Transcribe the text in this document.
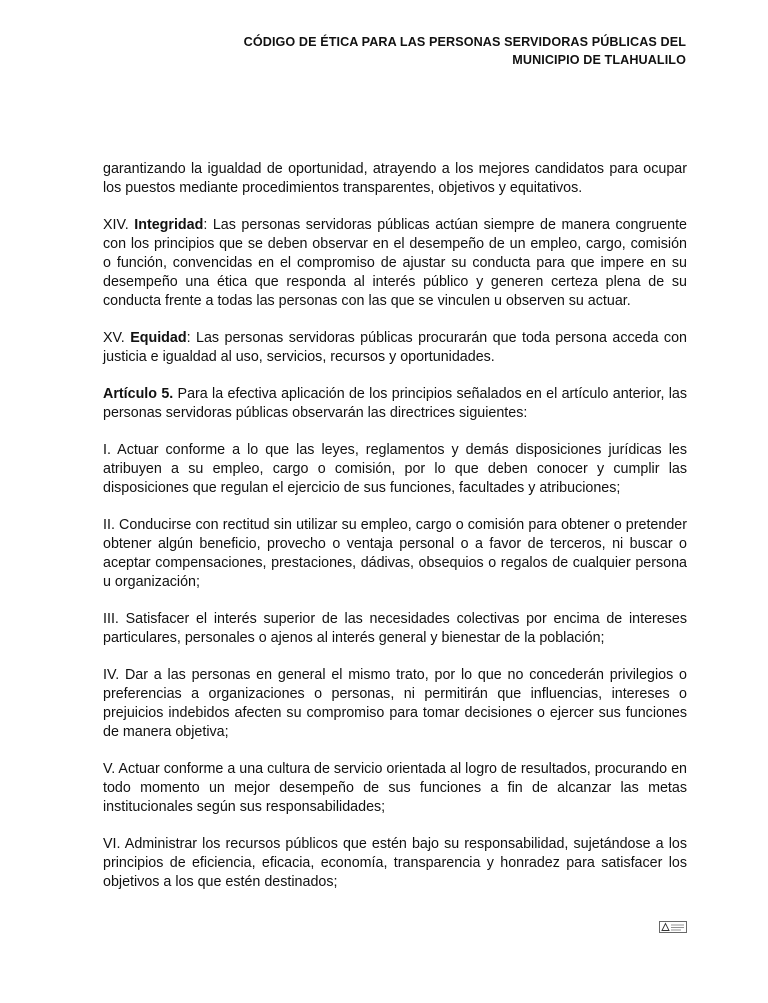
CÓDIGO DE ÉTICA PARA LAS PERSONAS SERVIDORAS PÚBLICAS DEL
MUNICIPIO DE TLAHUALILO

garantizando la igualdad de oportunidad, atrayendo a los mejores candidatos para ocupar los puestos mediante procedimientos transparentes, objetivos y equitativos.

XIV. Integridad: Las personas servidoras públicas actúan siempre de manera congruente con los principios que se deben observar en el desempeño de un empleo, cargo, comisión o función, convencidas en el compromiso de ajustar su conducta para que impere en su desempeño una ética que responda al interés público y generen certeza plena de su conducta frente a todas las personas con las que se vinculen u observen su actuar.

XV. Equidad: Las personas servidoras públicas procurarán que toda persona acceda con justicia e igualdad al uso, servicios, recursos y oportunidades.

Artículo 5. Para la efectiva aplicación de los principios señalados en el artículo anterior, las personas servidoras públicas observarán las directrices siguientes:

I. Actuar conforme a lo que las leyes, reglamentos y demás disposiciones jurídicas les atribuyen a su empleo, cargo o comisión, por lo que deben conocer y cumplir las disposiciones que regulan el ejercicio de sus funciones, facultades y atribuciones;

II. Conducirse con rectitud sin utilizar su empleo, cargo o comisión para obtener o pretender obtener algún beneficio, provecho o ventaja personal o a favor de terceros, ni buscar o aceptar compensaciones, prestaciones, dádivas, obsequios o regalos de cualquier persona u organización;

III. Satisfacer el interés superior de las necesidades colectivas por encima de intereses particulares, personales o ajenos al interés general y bienestar de la población;

IV. Dar a las personas en general el mismo trato, por lo que no concederán privilegios o preferencias a organizaciones o personas, ni permitirán que influencias, intereses o prejuicios indebidos afecten su compromiso para tomar decisiones o ejercer sus funciones de manera objetiva;

V. Actuar conforme a una cultura de servicio orientada al logro de resultados, procurando en todo momento un mejor desempeño de sus funciones a fin de alcanzar las metas institucionales según sus responsabilidades;

VI. Administrar los recursos públicos que estén bajo su responsabilidad, sujetándose a los principios de eficiencia, eficacia, economía, transparencia y honradez para satisfacer los objetivos a los que estén destinados;
